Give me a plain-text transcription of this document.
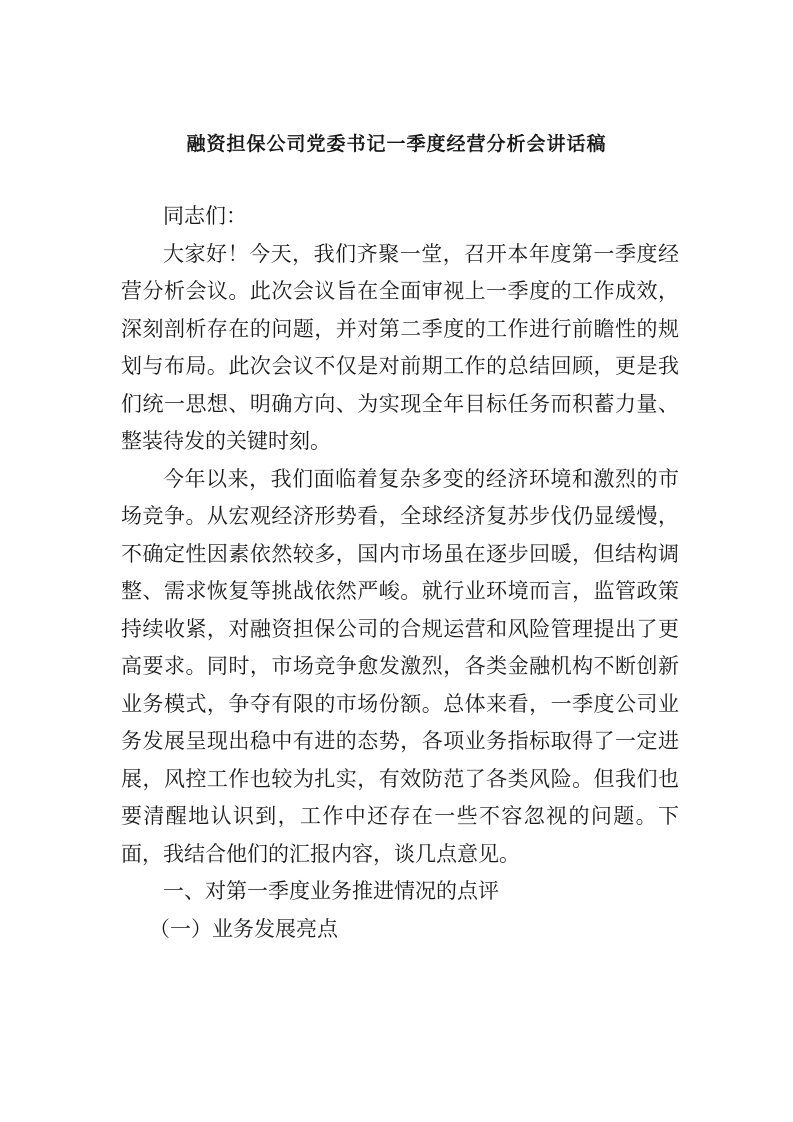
融资担保公司党委书记一季度经营分析会讲话稿

同志们：

大家好！今天，我们齐聚一堂，召开本年度第一季度经营分析会议。此次会议旨在全面审视上一季度的工作成效，深刻剖析存在的问题，并对第二季度的工作进行前瞻性的规划与布局。此次会议不仅是对前期工作的总结回顾，更是我们统一思想、明确方向、为实现全年目标任务而积蓄力量、整装待发的关键时刻。

今年以来，我们面临着复杂多变的经济环境和激烈的市场竞争。从宏观经济形势看，全球经济复苏步伐仍显缓慢，不确定性因素依然较多，国内市场虽在逐步回暖，但结构调整、需求恢复等挑战依然严峻。就行业环境而言，监管政策持续收紧，对融资担保公司的合规运营和风险管理提出了更高要求。同时，市场竞争愈发激烈，各类金融机构不断创新业务模式，争夺有限的市场份额。总体来看，一季度公司业务发展呈现出稳中有进的态势，各项业务指标取得了一定进展，风控工作也较为扎实，有效防范了各类风险。但我们也要清醒地认识到，工作中还存在一些不容忽视的问题。下面，我结合他们的汇报内容，谈几点意见。

一、对第一季度业务推进情况的点评

（一）业务发展亮点
